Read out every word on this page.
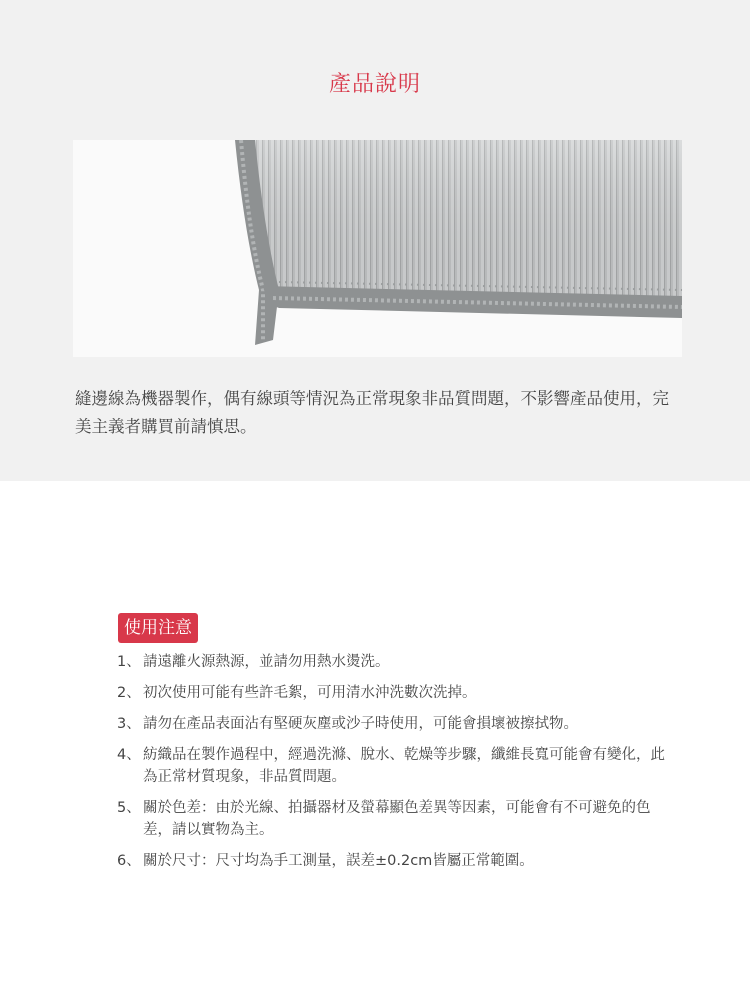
產品說明

縫邊線為機器製作，偶有線頭等情況為正常現象非品質問題，不影響產品使用，完美主義者購買前請慎思。

使用注意
1、 請遠離火源熱源，並請勿用熱水燙洗。
2、 初次使用可能有些許毛絮，可用清水沖洗數次洗掉。
3、 請勿在產品表面沾有堅硬灰塵或沙子時使用，可能會損壞被擦拭物。
4、 紡織品在製作過程中，經過洗滌、脫水、乾燥等步驟，纖維長寬可能會有變化，此為正常材質現象，非品質問題。
5、 關於色差：由於光線、拍攝器材及螢幕顯色差異等因素，可能會有不可避免的色差，請以實物為主。
6、 關於尺寸：尺寸均為手工測量，誤差±0.2cm皆屬正常範圍。
